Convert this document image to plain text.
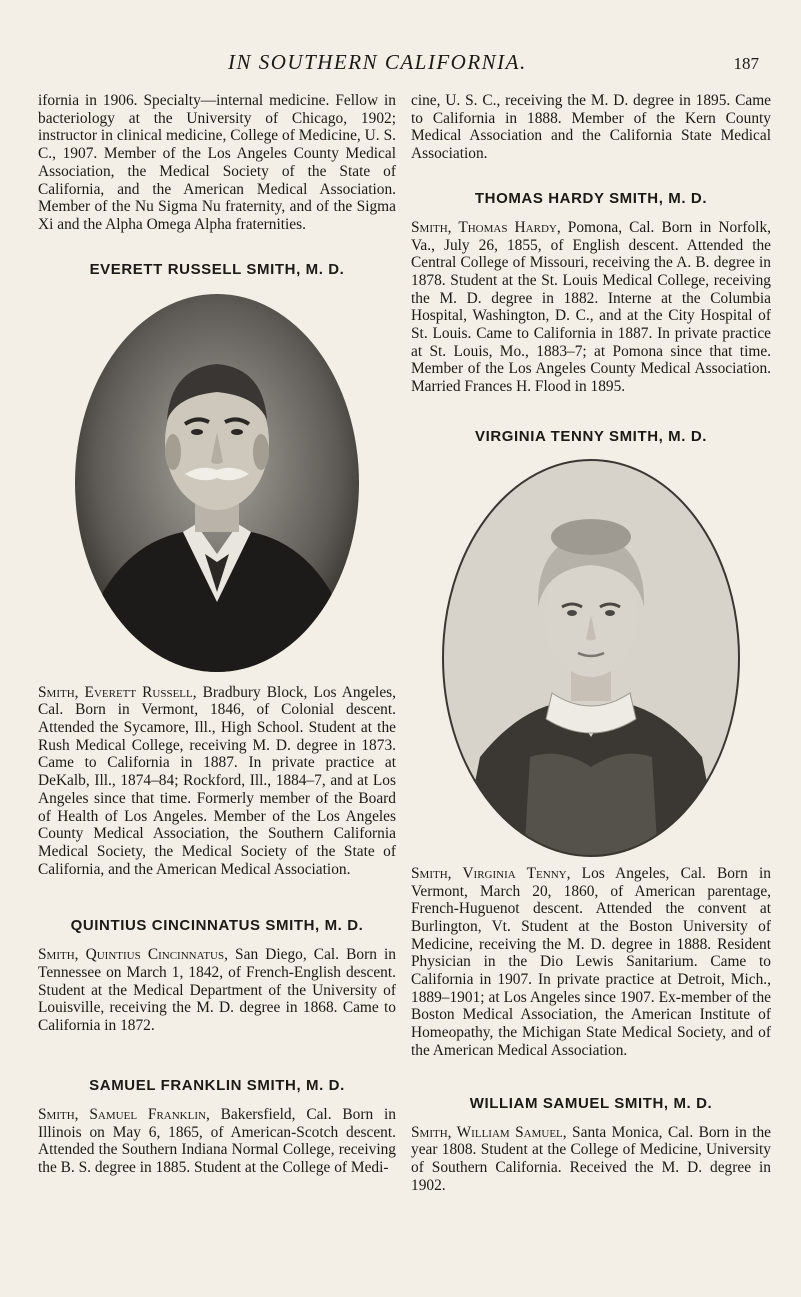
IN SOUTHERN CALIFORNIA.	187

ifornia in 1906. Specialty—internal medicine. Fellow in bacteriology at the University of Chicago, 1902; instructor in clinical medicine, College of Medicine, U. S. C., 1907. Member of the Los Angeles County Medical Association, the Medical Society of the State of California, and the American Medical Association. Member of the Nu Sigma Nu fraternity, and of the Sigma Xi and the Alpha Omega Alpha fraternities.

EVERETT RUSSELL SMITH, M. D.

Smith, Everett Russell, Bradbury Block, Los Angeles, Cal. Born in Vermont, 1846, of Colonial descent. Attended the Sycamore, Ill., High School. Student at the Rush Medical College, receiving M. D. degree in 1873. Came to California in 1887. In private practice at DeKalb, Ill., 1874–84; Rockford, Ill., 1884–7, and at Los Angeles since that time. Formerly member of the Board of Health of Los Angeles. Member of the Los Angeles County Medical Association, the Southern California Medical Society, the Medical Society of the State of California, and the American Medical Association.

QUINTIUS CINCINNATUS SMITH, M. D.

Smith, Quintius Cincinnatus, San Diego, Cal. Born in Tennessee on March 1, 1842, of French-English descent. Student at the Medical Department of the University of Louisville, receiving the M. D. degree in 1868. Came to California in 1872.

SAMUEL FRANKLIN SMITH, M. D.

Smith, Samuel Franklin, Bakersfield, Cal. Born in Illinois on May 6, 1865, of American-Scotch descent. Attended the Southern Indiana Normal College, receiving the B. S. degree in 1885. Student at the College of Medi-

cine, U. S. C., receiving the M. D. degree in 1895. Came to California in 1888. Member of the Kern County Medical Association and the California State Medical Association.

THOMAS HARDY SMITH, M. D.

Smith, Thomas Hardy, Pomona, Cal. Born in Norfolk, Va., July 26, 1855, of English descent. Attended the Central College of Missouri, receiving the A. B. degree in 1878. Student at the St. Louis Medical College, receiving the M. D. degree in 1882. Interne at the Columbia Hospital, Washington, D. C., and at the City Hospital of St. Louis. Came to California in 1887. In private practice at St. Louis, Mo., 1883–7; at Pomona since that time. Member of the Los Angeles County Medical Association. Married Frances H. Flood in 1895.

VIRGINIA TENNY SMITH, M. D.

Smith, Virginia Tenny, Los Angeles, Cal. Born in Vermont, March 20, 1860, of American parentage, French-Huguenot descent. Attended the convent at Burlington, Vt. Student at the Boston University of Medicine, receiving the M. D. degree in 1888. Resident Physician in the Dio Lewis Sanitarium. Came to California in 1907. In private practice at Detroit, Mich., 1889–1901; at Los Angeles since 1907. Ex-member of the Boston Medical Association, the American Institute of Homeopathy, the Michigan State Medical Society, and of the American Medical Association.

WILLIAM SAMUEL SMITH, M. D.

Smith, William Samuel, Santa Monica, Cal. Born in the year 1808. Student at the College of Medicine, University of Southern California. Received the M. D. degree in 1902.
